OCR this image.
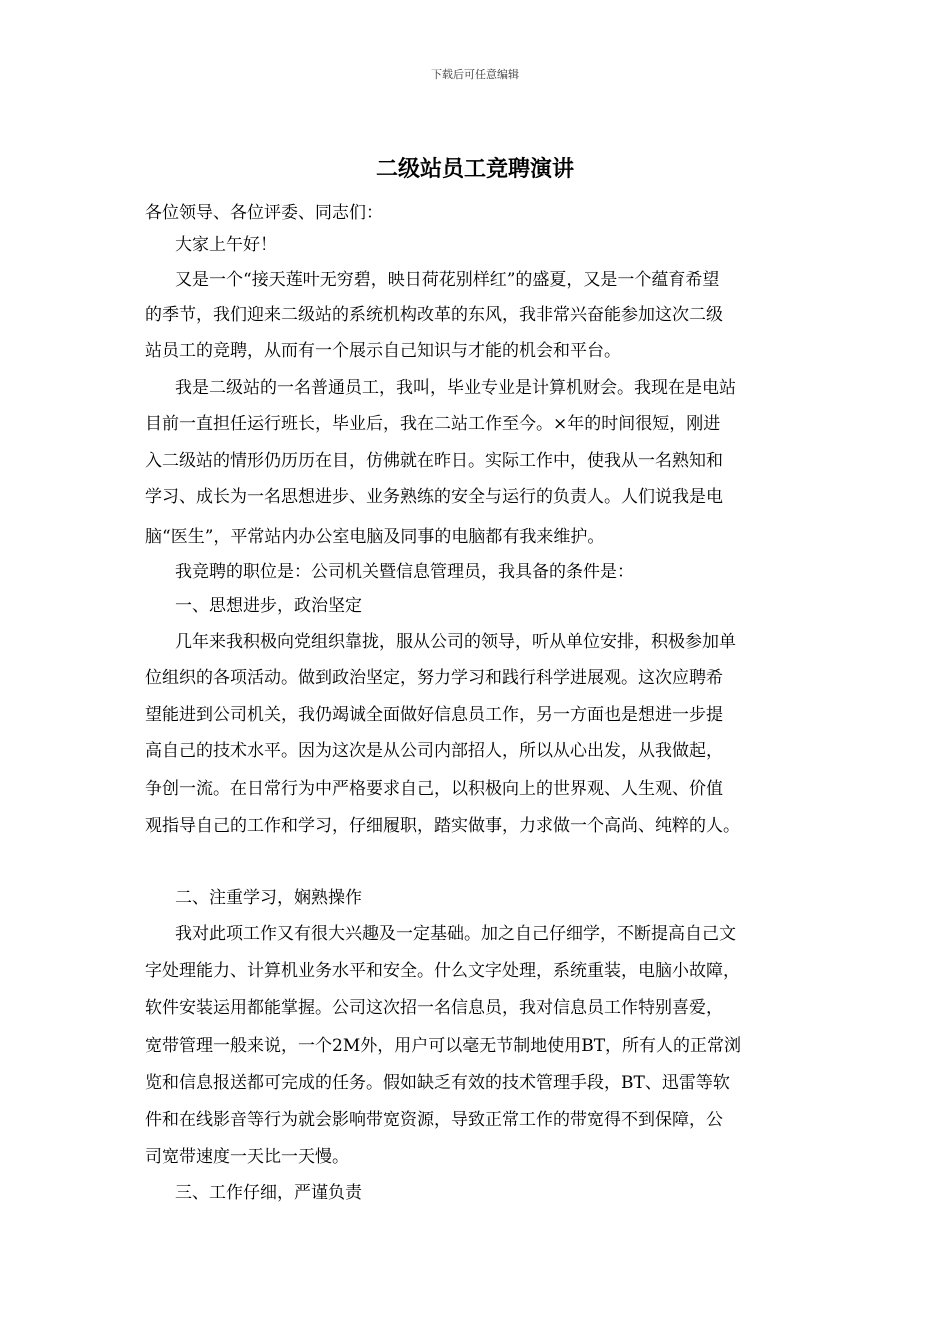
下载后可任意编辑
二级站员工竞聘演讲
各位领导、各位评委、同志们：
大家上午好！
又是一个“接天莲叶无穷碧，映日荷花别样红”的盛夏，又是一个蕴育希望
的季节，我们迎来二级站的系统机构改革的东风，我非常兴奋能参加这次二级
站员工的竞聘，从而有一个展示自己知识与才能的机会和平台。
我是二级站的一名普通员工，我叫，毕业专业是计算机财会。我现在是电站
目前一直担任运行班长，毕业后，我在二站工作至今。×年的时间很短，刚进
入二级站的情形仍历历在目，仿佛就在昨日。实际工作中，使我从一名熟知和
学习、成长为一名思想进步、业务熟练的安全与运行的负责人。人们说我是电
脑“医生”，平常站内办公室电脑及同事的电脑都有我来维护。
我竞聘的职位是：公司机关暨信息管理员，我具备的条件是：
一、思想进步，政治坚定
几年来我积极向党组织靠拢，服从公司的领导，听从单位安排，积极参加单
位组织的各项活动。做到政治坚定，努力学习和践行科学进展观。这次应聘希
望能进到公司机关，我仍竭诚全面做好信息员工作，另一方面也是想进一步提
高自己的技术水平。因为这次是从公司内部招人，所以从心出发，从我做起，
争创一流。在日常行为中严格要求自己，以积极向上的世界观、人生观、价值
观指导自己的工作和学习，仔细履职，踏实做事，力求做一个高尚、纯粹的人。
二、注重学习，娴熟操作
我对此项工作又有很大兴趣及一定基础。加之自己仔细学，不断提高自己文
字处理能力、计算机业务水平和安全。什么文字处理，系统重装，电脑小故障，
软件安装运用都能掌握。公司这次招一名信息员，我对信息员工作特别喜爱，
宽带管理一般来说，一个2M外，用户可以毫无节制地使用BT，所有人的正常浏
览和信息报送都可完成的任务。假如缺乏有效的技术管理手段，BT、迅雷等软
件和在线影音等行为就会影响带宽资源，导致正常工作的带宽得不到保障，公
司宽带速度一天比一天慢。
三、工作仔细，严谨负责
